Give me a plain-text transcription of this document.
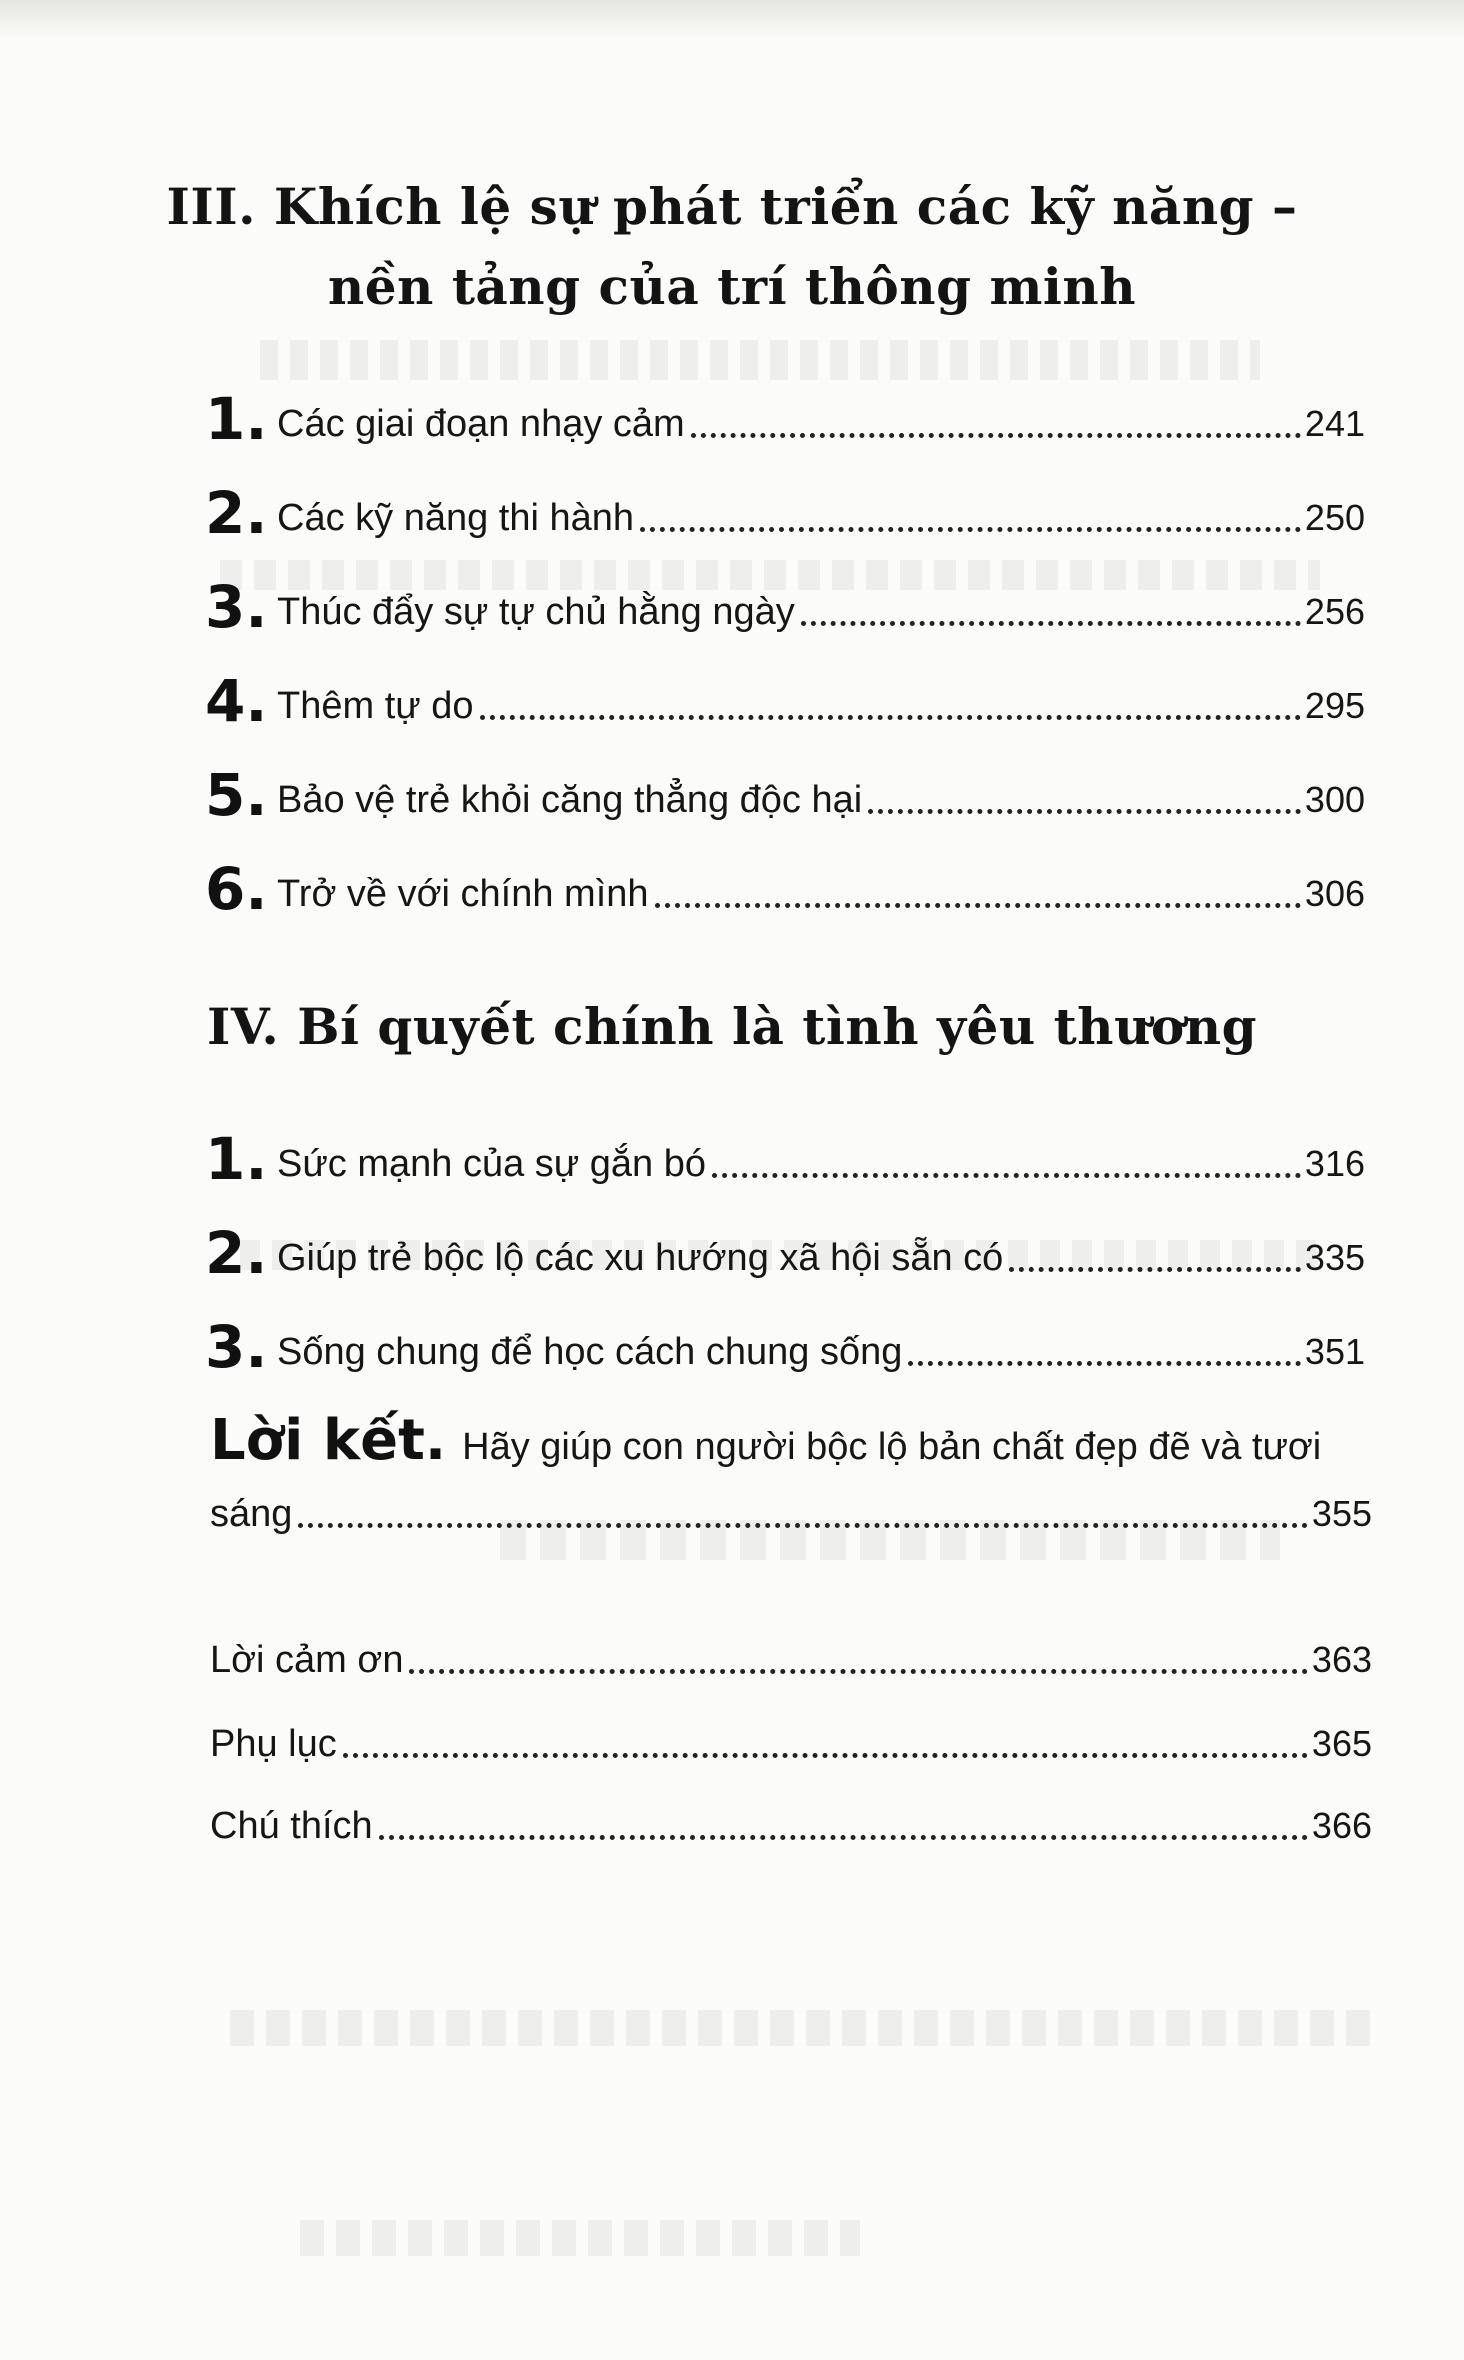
III. Khích lệ sự phát triển các kỹ năng –
nền tảng của trí thông minh
1. Các giai đoạn nhạy cảm	241
2. Các kỹ năng thi hành	250
3. Thúc đẩy sự tự chủ hằng ngày	256
4. Thêm tự do	295
5. Bảo vệ trẻ khỏi căng thẳng độc hại	300
6. Trở về với chính mình	306
IV. Bí quyết chính là tình yêu thương
1. Sức mạnh của sự gắn bó	316
2. Giúp trẻ bộc lộ các xu hướng xã hội sẵn có	335
3. Sống chung để học cách chung sống	351
Lời kết. Hãy giúp con người bộc lộ bản chất đẹp đẽ và tươi
sáng	355
Lời cảm ơn	363
Phụ lục	365
Chú thích	366
